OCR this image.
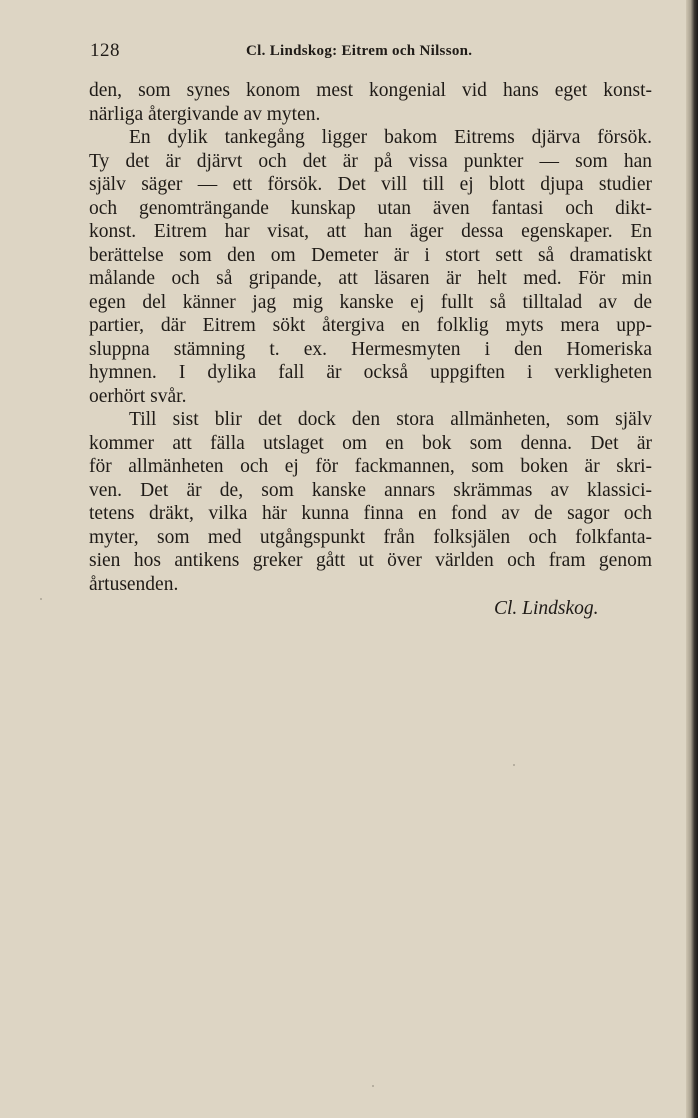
128	Cl. Lindskog: Eitrem och Nilsson.
den, som synes konom mest kongenial vid hans eget konst-
närliga återgivande av myten.
En dylik tankegång ligger bakom Eitrems djärva försök.
Ty det är djärvt och det är på vissa punkter — som han
själv säger — ett försök. Det vill till ej blott djupa studier
och genomträngande kunskap utan även fantasi och dikt-
konst. Eitrem har visat, att han äger dessa egenskaper. En
berättelse som den om Demeter är i stort sett så dramatiskt
målande och så gripande, att läsaren är helt med. För min
egen del känner jag mig kanske ej fullt så tilltalad av de
partier, där Eitrem sökt återgiva en folklig myts mera upp-
sluppna stämning t. ex. Hermesmyten i den Homeriska
hymnen. I dylika fall är också uppgiften i verkligheten
oerhört svår.
Till sist blir det dock den stora allmänheten, som själv
kommer att fälla utslaget om en bok som denna. Det är
för allmänheten och ej för fackmannen, som boken är skri-
ven. Det är de, som kanske annars skrämmas av klassici-
tetens dräkt, vilka här kunna finna en fond av de sagor och
myter, som med utgångspunkt från folksjälen och folkfanta-
sien hos antikens greker gått ut över världen och fram genom
årtusenden.
Cl. Lindskog.
